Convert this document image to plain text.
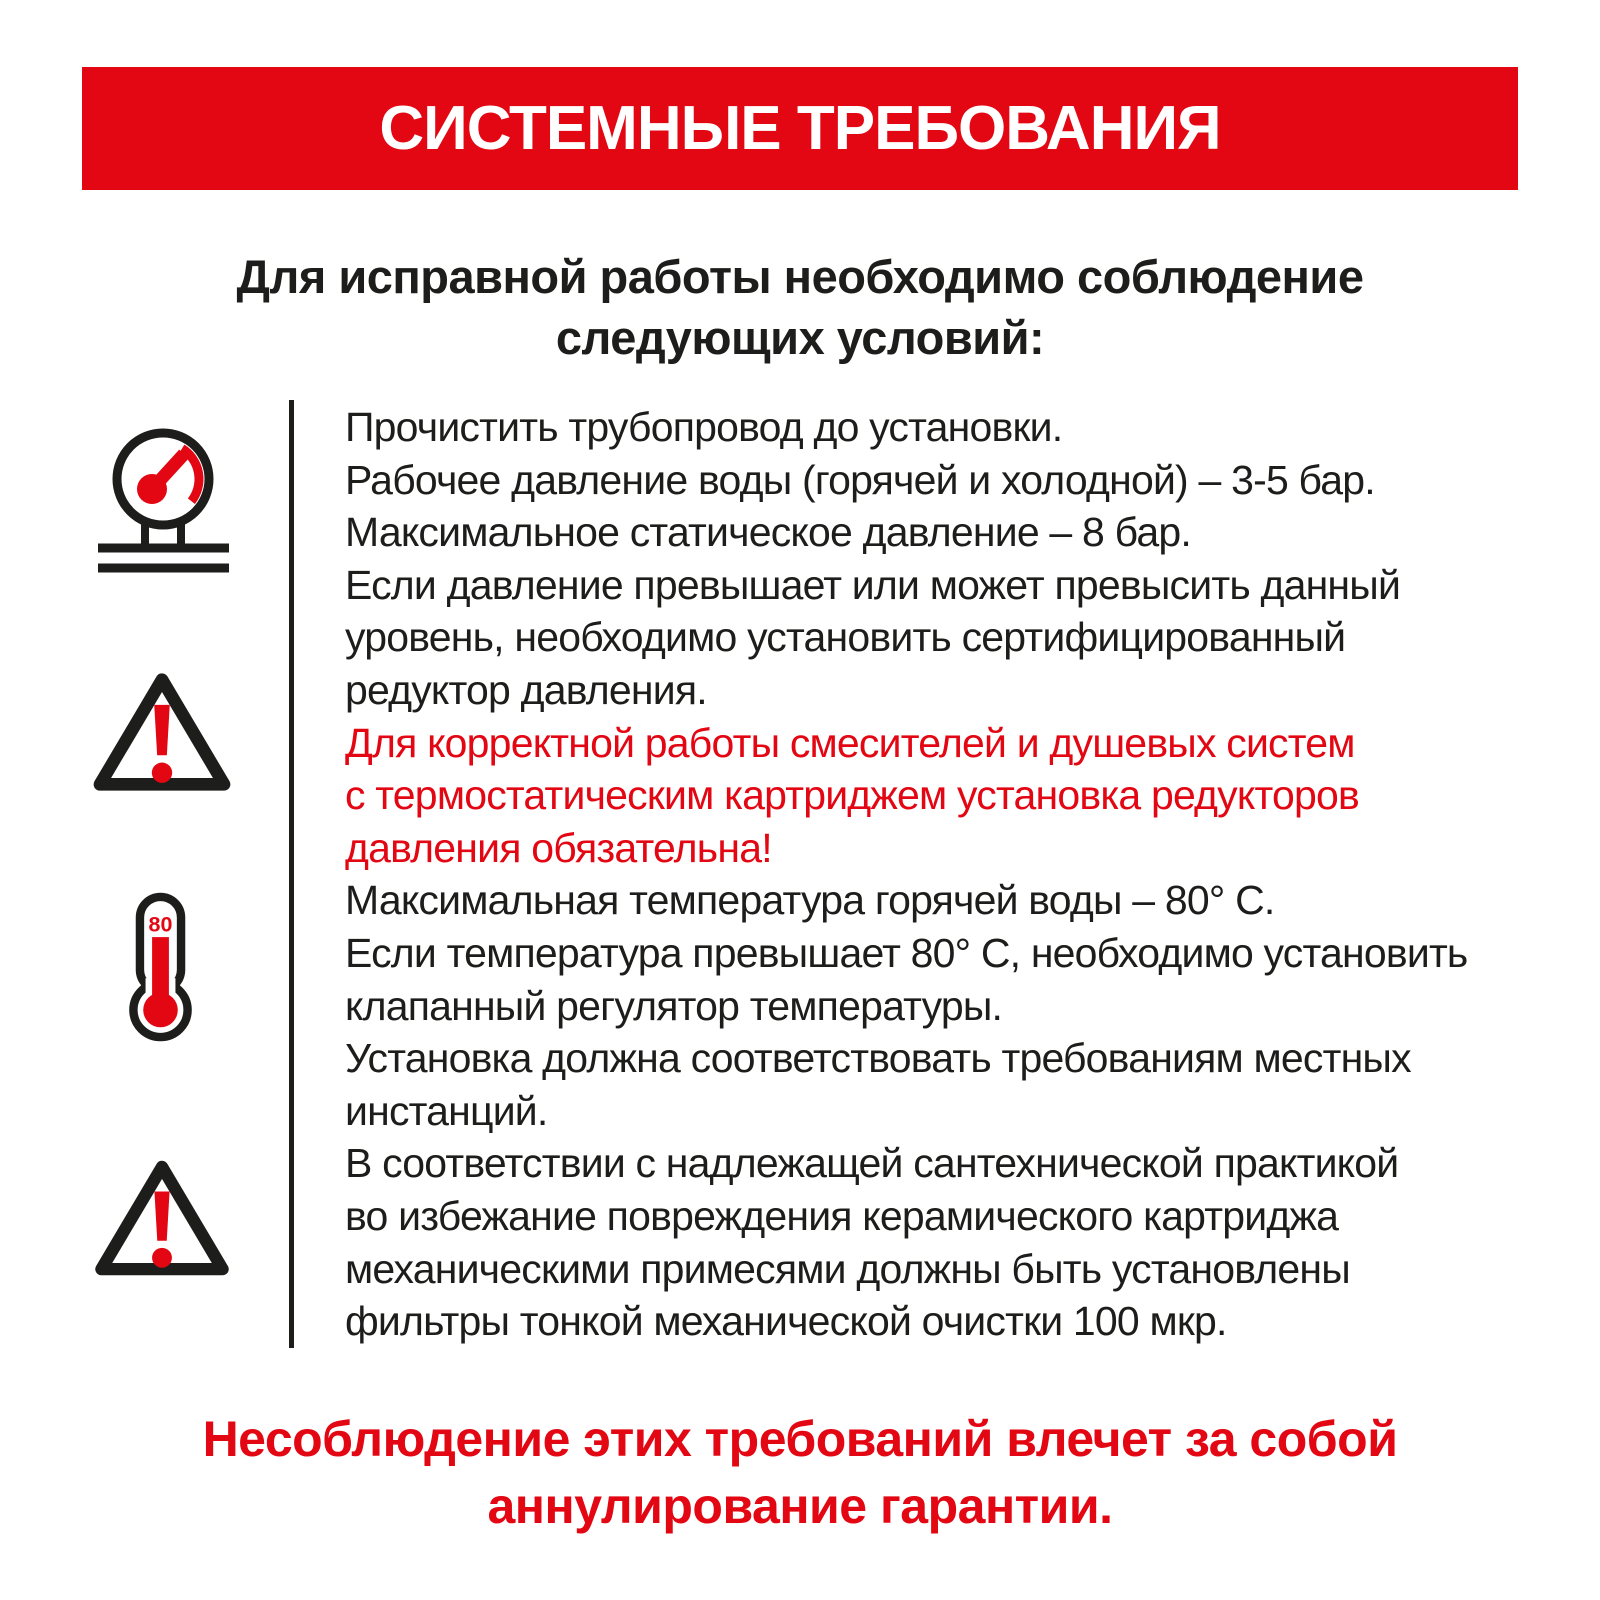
СИСТЕМНЫЕ ТРЕБОВАНИЯ

Для исправной работы необходимо соблюдение
следующих условий:

80
Прочистить трубопровод до установки.
Рабочее давление воды (горячей и холодной) – 3-5 бар.
Максимальное статическое давление – 8 бар.
Если давление превышает или может превысить данный
уровень, необходимо установить сертифицированный
редуктор давления.
Для корректной работы смесителей и душевых систем
с термостатическим картриджем установка редукторов
давления обязательна!
Максимальная температура горячей воды – 80° C.
Если температура превышает 80° C, необходимо установить
клапанный регулятор температуры.
Установка должна соответствовать требованиям местных
инстанций.
В соответствии с надлежащей сантехнической практикой
во избежание повреждения керамического картриджа
механическими примесями должны быть установлены
фильтры тонкой механической очистки 100 мкр.

Несоблюдение этих требований влечет за собой
аннулирование гарантии.
